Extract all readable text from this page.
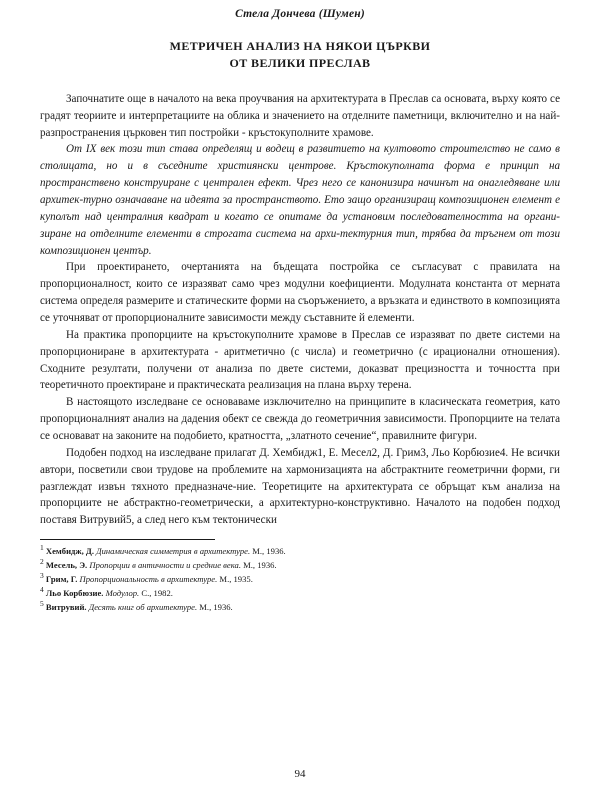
Стела Дончева (Шумен)
МЕТРИЧЕН АНАЛИЗ НА НЯКОИ ЦЪРКВИ
ОТ ВЕЛИКИ ПРЕСЛАВ

Започнатите още в началото на века проучвания на архитектурата в Преслав са основата, върху която се градят теориите и интерпретациите на облика и значението на отделните паметници, включително и на най-разпространения църковен тип постройки - кръстокуполните храмове.

От IX век този тип става определящ и водещ в развитието на култовото строителство не само в столицата, но и в съседните християнски центрове. Кръстокуполната форма е принцип на пространствено конструиране с централен ефект. Чрез него се канонизира начинът на онагледяване или архитек-турно означаване на идеята за пространството. Ето защо организиращ композиционен елемент е куполът над централния квадрат и когато се опитаме да установим последователността на органи-зиране на отделните елементи в строгата система на архи-тектурния тип, трябва да тръгнем от този композиционен център.

При проектирането, очертанията на бъдещата постройка се съгласуват с правилата на пропорционалност, които се изразяват само чрез модулни коефициенти. Модулната константа от мерната система определя размерите и статическите форми на съоръжението, а връзката и единството в композицията се уточняват от пропорционалните зависимости между съставните й елементи.

На практика пропорциите на кръстокуполните храмове в Преслав се изразяват по двете системи на пропорциониране в архитектурата - аритметично (с числа) и геометрично (с ирационални отношения). Сходните резултати, получени от анализа по двете системи, доказват прецизността и точността при теоретичното проектиране и практическата реализация на плана върху терена.

В настоящото изследване се основаваме изключително на принципите в класическата геометрия, като пропорционалният анализ на дадения обект се свежда до геометричния зависимости. Пропорциите на телата се основават на законите на подобието, кратността, „златното сечение“, правилните фигури.

Подобен подход на изследване прилагат Д. Хембидж1, Е. Месел2, Д. Грим3, Льо Корбюзие4. Не всички автори, посветили свои трудове на проблемите на хармонизацията на абстрактните геометрични форми, ги разглеждат извън тяхното предназначе-ние. Теоретиците на архитектурата се обръщат към анализа на пропорциите не абстрактно-геометрически, а архитектурно-конструктивно. Началото на подобен подход поставя Витрувий5, а след него към тектонически

$^1$ Хембидж, Д. Динамическая симметрия в архитектуре. М., 1936.

$^2$ Месель, Э. Пропорции в античности и средние века. М., 1936.

$^3$ Грим, Г. Пропорциональность в архитектуре. М., 1935.

$^4$ Льо Корбюзие. Модулор. С., 1982.

$^5$ Витрувий. Десять книг об архитектуре. М., 1936.

94
